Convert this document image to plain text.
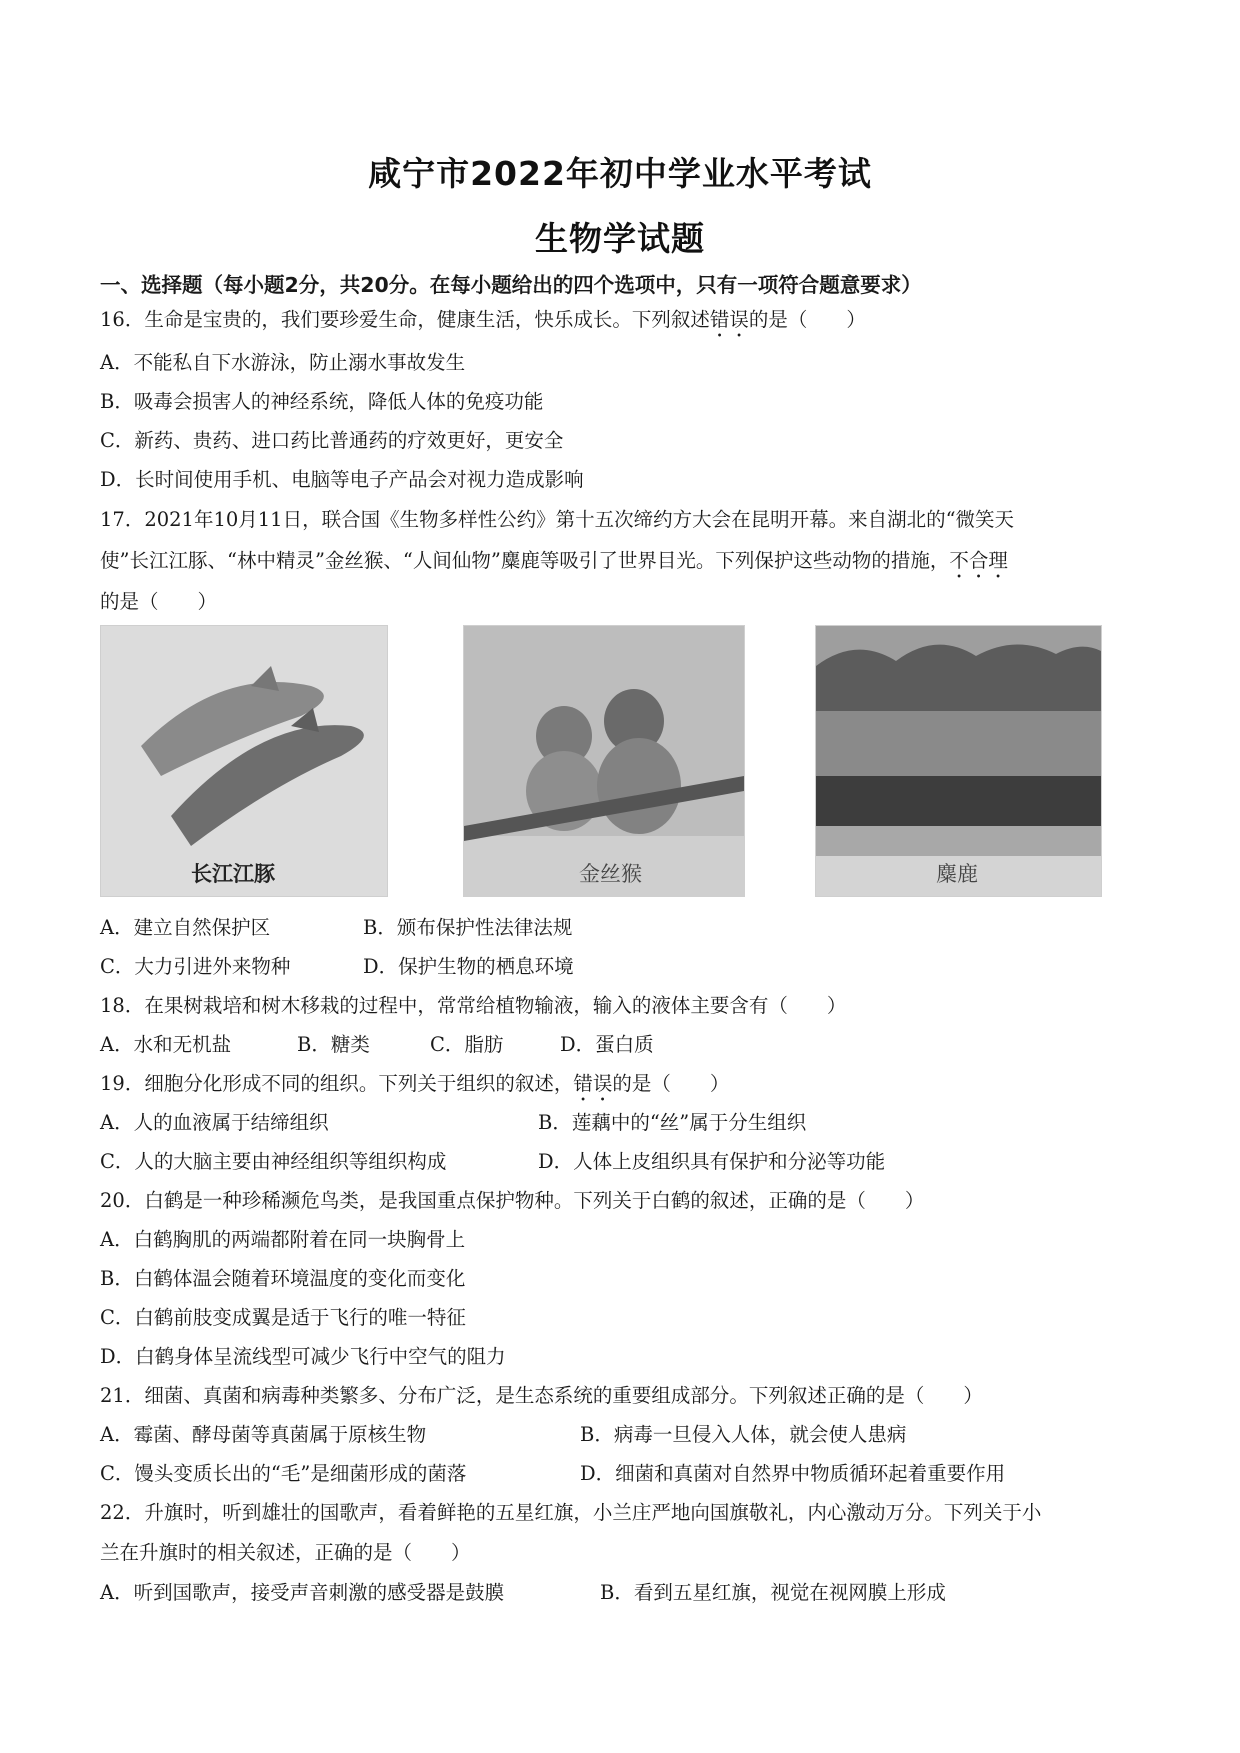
咸宁市2022年初中学业水平考试
生物学试题
一、选择题（每小题2分，共20分。在每小题给出的四个选项中，只有一项符合题意要求）
16．生命是宝贵的，我们要珍爱生命，健康生活，快乐成长。下列叙述错误的是（　　）
A．不能私自下水游泳，防止溺水事故发生
B．吸毒会损害人的神经系统，降低人体的免疫功能
C．新药、贵药、进口药比普通药的疗效更好，更安全
D．长时间使用手机、电脑等电子产品会对视力造成影响
17．2021年10月11日，联合国《生物多样性公约》第十五次缔约方大会在昆明开幕。来自湖北的“微笑天
使”长江江豚、“林中精灵”金丝猴、“人间仙物”麋鹿等吸引了世界目光。下列保护这些动物的措施，不合理
的是（　　）
长江江豚	金丝猴	麋鹿
A．建立自然保护区	B．颁布保护性法律法规
C．大力引进外来物种	D．保护生物的栖息环境
18．在果树栽培和树木移栽的过程中，常常给植物输液，输入的液体主要含有（　　）
A．水和无机盐	B．糖类	C．脂肪	D．蛋白质
19．细胞分化形成不同的组织。下列关于组织的叙述，错误的是（　　）
A．人的血液属于结缔组织	B．莲藕中的“丝”属于分生组织
C．人的大脑主要由神经组织等组织构成	D．人体上皮组织具有保护和分泌等功能
20．白鹤是一种珍稀濒危鸟类，是我国重点保护物种。下列关于白鹤的叙述，正确的是（　　）
A．白鹤胸肌的两端都附着在同一块胸骨上
B．白鹤体温会随着环境温度的变化而变化
C．白鹤前肢变成翼是适于飞行的唯一特征
D．白鹤身体呈流线型可减少飞行中空气的阻力
21．细菌、真菌和病毒种类繁多、分布广泛，是生态系统的重要组成部分。下列叙述正确的是（　　）
A．霉菌、酵母菌等真菌属于原核生物	B．病毒一旦侵入人体，就会使人患病
C．馒头变质长出的“毛”是细菌形成的菌落	D．细菌和真菌对自然界中物质循环起着重要作用
22．升旗时，听到雄壮的国歌声，看着鲜艳的五星红旗，小兰庄严地向国旗敬礼，内心激动万分。下列关于小
兰在升旗时的相关叙述，正确的是（　　）
A．听到国歌声，接受声音刺激的感受器是鼓膜	B．看到五星红旗，视觉在视网膜上形成
